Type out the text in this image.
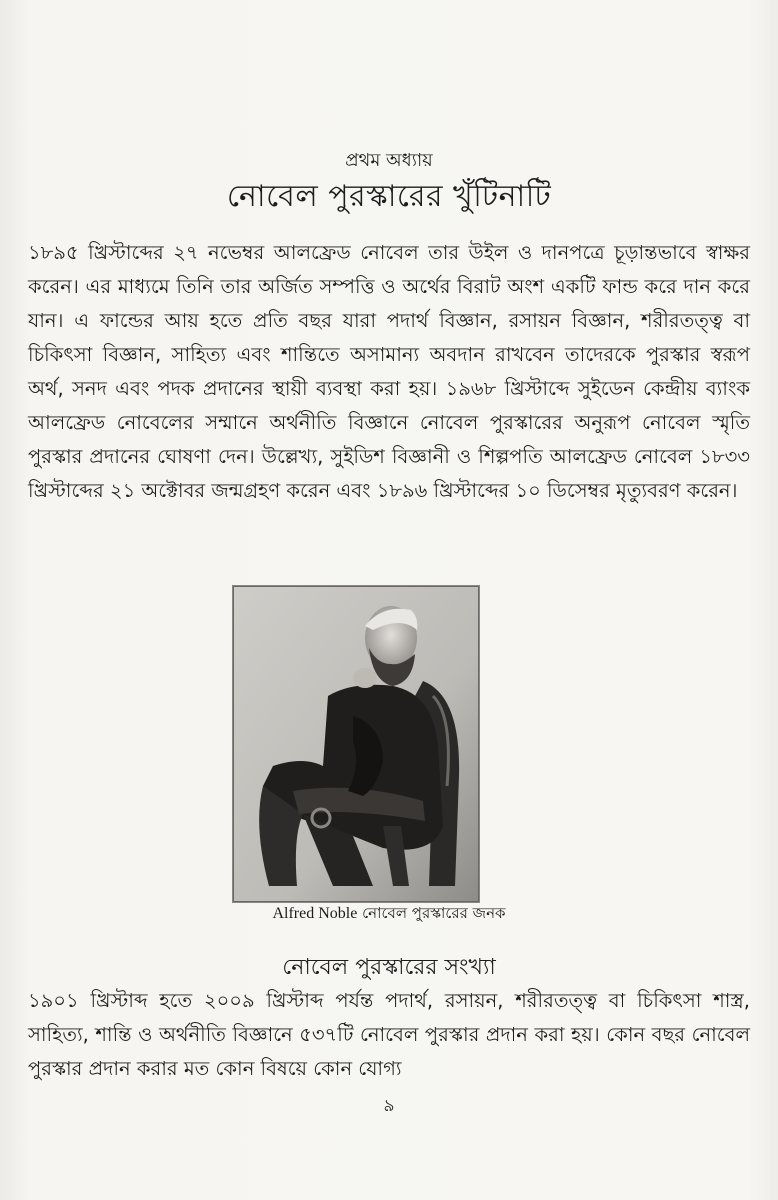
প্রথম অধ্যায়
নোবেল পুরস্কারের খুঁটিনাটি

১৮৯৫ খ্রিস্টাব্দের ২৭ নভেম্বর আলফ্রেড নোবেল তার উইল ও দানপত্রে চূড়ান্তভাবে স্বাক্ষর করেন। এর মাধ্যমে তিনি তার অর্জিত সম্পত্তি ও অর্থের বিরাট অংশ একটি ফান্ড করে দান করে যান। এ ফান্ডের আয় হতে প্রতি বছর যারা পদার্থ বিজ্ঞান, রসায়ন বিজ্ঞান, শরীরতত্ত্ব বা চিকিৎসা বিজ্ঞান, সাহিত্য এবং শান্তিতে অসামান্য অবদান রাখবেন তাদেরকে পুরস্কার স্বরূপ অর্থ, সনদ এবং পদক প্রদানের স্থায়ী ব্যবস্থা করা হয়। ১৯৬৮ খ্রিস্টাব্দে সুইডেন কেন্দ্রীয় ব্যাংক আলফ্রেড নোবেলের সম্মানে অর্থনীতি বিজ্ঞানে নোবেল পুরস্কারের অনুরূপ নোবেল স্মৃতি পুরস্কার প্রদানের ঘোষণা দেন। উল্লেখ্য, সুইডিশ বিজ্ঞানী ও শিল্পপতি আলফ্রেড নোবেল ১৮৩৩ খ্রিস্টাব্দের ২১ অক্টোবর জন্মগ্রহণ করেন এবং ১৮৯৬ খ্রিস্টাব্দের ১০ ডিসেম্বর মৃত্যুবরণ করেন।

Alfred Noble নোবেল পুরস্কারের জনক
নোবেল পুরস্কারের সংখ্যা

১৯০১ খ্রিস্টাব্দ হতে ২০০৯ খ্রিস্টাব্দ পর্যন্ত পদার্থ, রসায়ন, শরীরতত্ত্ব বা চিকিৎসা শাস্ত্র, সাহিত্য, শান্তি ও অর্থনীতি বিজ্ঞানে ৫৩৭টি নোবেল পুরস্কার প্রদান করা হয়। কোন বছর নোবেল পুরস্কার প্রদান করার মত কোন বিষয়ে কোন যোগ্য

৯
